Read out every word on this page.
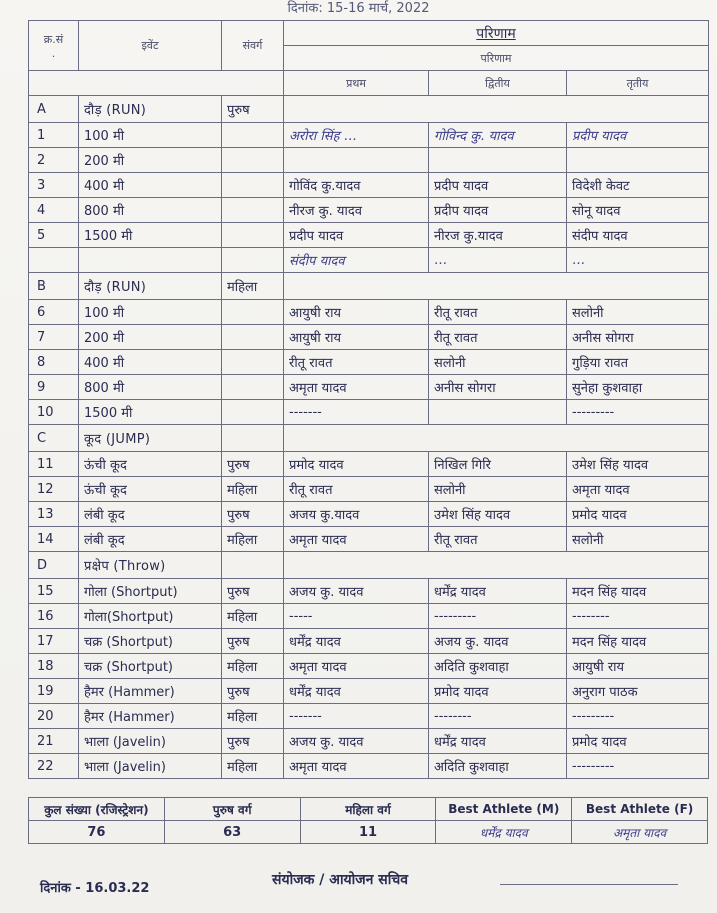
दिनांक: 15-16 मार्च, 2022
क्र.सं
.	इवेंट	संवर्ग	परिणाम		
			परिणाम		
			प्रथम	द्वितीय	तृतीय
A	दौड़ (RUN)	पुरुष			
1	100 मी		अरोरा सिंह …	गोविन्द कु. यादव	प्रदीप यादव
2	200 मी				
3	400 मी		गोविंद कु.यादव	प्रदीप यादव	विदेशी केवट
4	800 मी		नीरज कु. यादव	प्रदीप यादव	सोनू यादव
5	1500 मी		प्रदीप यादव	नीरज कु.यादव	संदीप यादव
			संदीप यादव	…	…
B	दौड़ (RUN)	महिला			
6	100 मी		आयुषी राय	रीतू रावत	सलोनी
7	200 मी		आयुषी राय	रीतू रावत	अनीस सोगरा
8	400 मी		रीतू रावत	सलोनी	गुड़िया रावत
9	800 मी		अमृता यादव	अनीस सोगरा	सुनेहा कुशवाहा
10	1500 मी		-------		---------
C	कूद (JUMP)				
11	ऊंची कूद	पुरुष	प्रमोद यादव	निखिल गिरि	उमेश सिंह यादव
12	ऊंची कूद	महिला	रीतू रावत	सलोनी	अमृता यादव
13	लंबी कूद	पुरुष	अजय कु.यादव	उमेश सिंह यादव	प्रमोद यादव
14	लंबी कूद	महिला	अमृता यादव	रीतू रावत	सलोनी
D	प्रक्षेप (Throw)				
15	गोला (Shortput)	पुरुष	अजय कु. यादव	धर्मेंद्र यादव	मदन सिंह यादव
16	गोला(Shortput)	महिला	-----	---------	--------
17	चक्र (Shortput)	पुरुष	धर्मेंद्र यादव	अजय कु. यादव	मदन सिंह यादव
18	चक्र (Shortput)	महिला	अमृता यादव	अदिति कुशवाहा	आयुषी राय
19	हैमर (Hammer)	पुरुष	धर्मेंद्र यादव	प्रमोद यादव	अनुराग पाठक
20	हैमर (Hammer)	महिला	-------	--------	---------
21	भाला (Javelin)	पुरुष	अजय कु. यादव	धर्मेंद्र यादव	प्रमोद यादव
22	भाला (Javelin)	महिला	अमृता यादव	अदिति कुशवाहा	---------
कुल संख्या (रजिस्ट्रेशन)	पुरुष वर्ग	महिला वर्ग	Best Athlete (M)	Best Athlete (F)
76	63	11	धर्मेंद्र यादव	अमृता यादव
दिनांक - 16.03.22
संयोजक / आयोजन सचिव
